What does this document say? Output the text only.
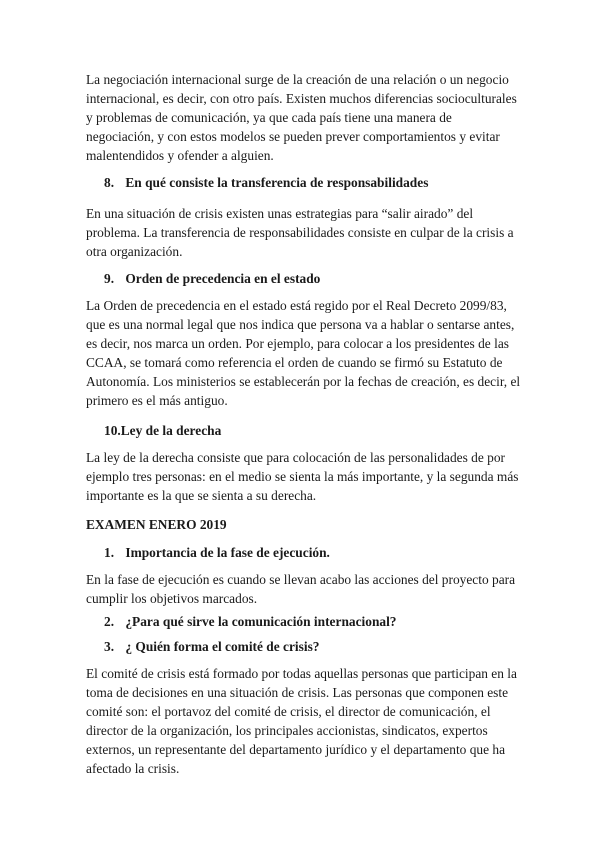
La negociación internacional surge de la creación de una relación o un negocio internacional, es decir, con otro país. Existen muchos diferencias socioculturales y problemas de comunicación, ya que cada país tiene una manera de negociación, y con estos modelos se pueden prever comportamientos y evitar malentendidos y ofender a alguien.

8. En qué consiste la transferencia de responsabilidades

En una situación de crisis existen unas estrategias para “salir airado” del problema. La transferencia de responsabilidades consiste en culpar de la crisis a otra organización.

9. Orden de precedencia en el estado

La Orden de precedencia en el estado está regido por el Real Decreto 2099/83, que es una normal legal que nos indica que persona va a hablar o sentarse antes, es decir, nos marca un orden. Por ejemplo, para colocar a los presidentes de las CCAA, se tomará como referencia el orden de cuando se firmó su Estatuto de Autonomía. Los ministerios se establecerán por la fechas de creación, es decir, el primero es el más antiguo.

10.Ley de la derecha

La ley de la derecha consiste que para colocación de las personalidades de por ejemplo tres personas: en el medio se sienta la más importante, y la segunda más importante es la que se sienta a su derecha.

EXAMEN ENERO 2019

1. Importancia de la fase de ejecución.

En la fase de ejecución es cuando se llevan acabo las acciones del proyecto para cumplir los objetivos marcados.

2. ¿Para qué sirve la comunicación internacional?

3. ¿ Quién forma el comité de crisis?

El comité de crisis está formado por todas aquellas personas que participan en la toma de decisiones en una situación de crisis. Las personas que componen este comité son: el portavoz del comité de crisis, el director de comunicación, el director de la organización, los principales accionistas, sindicatos, expertos externos, un representante del departamento jurídico y el departamento que ha afectado la crisis.
